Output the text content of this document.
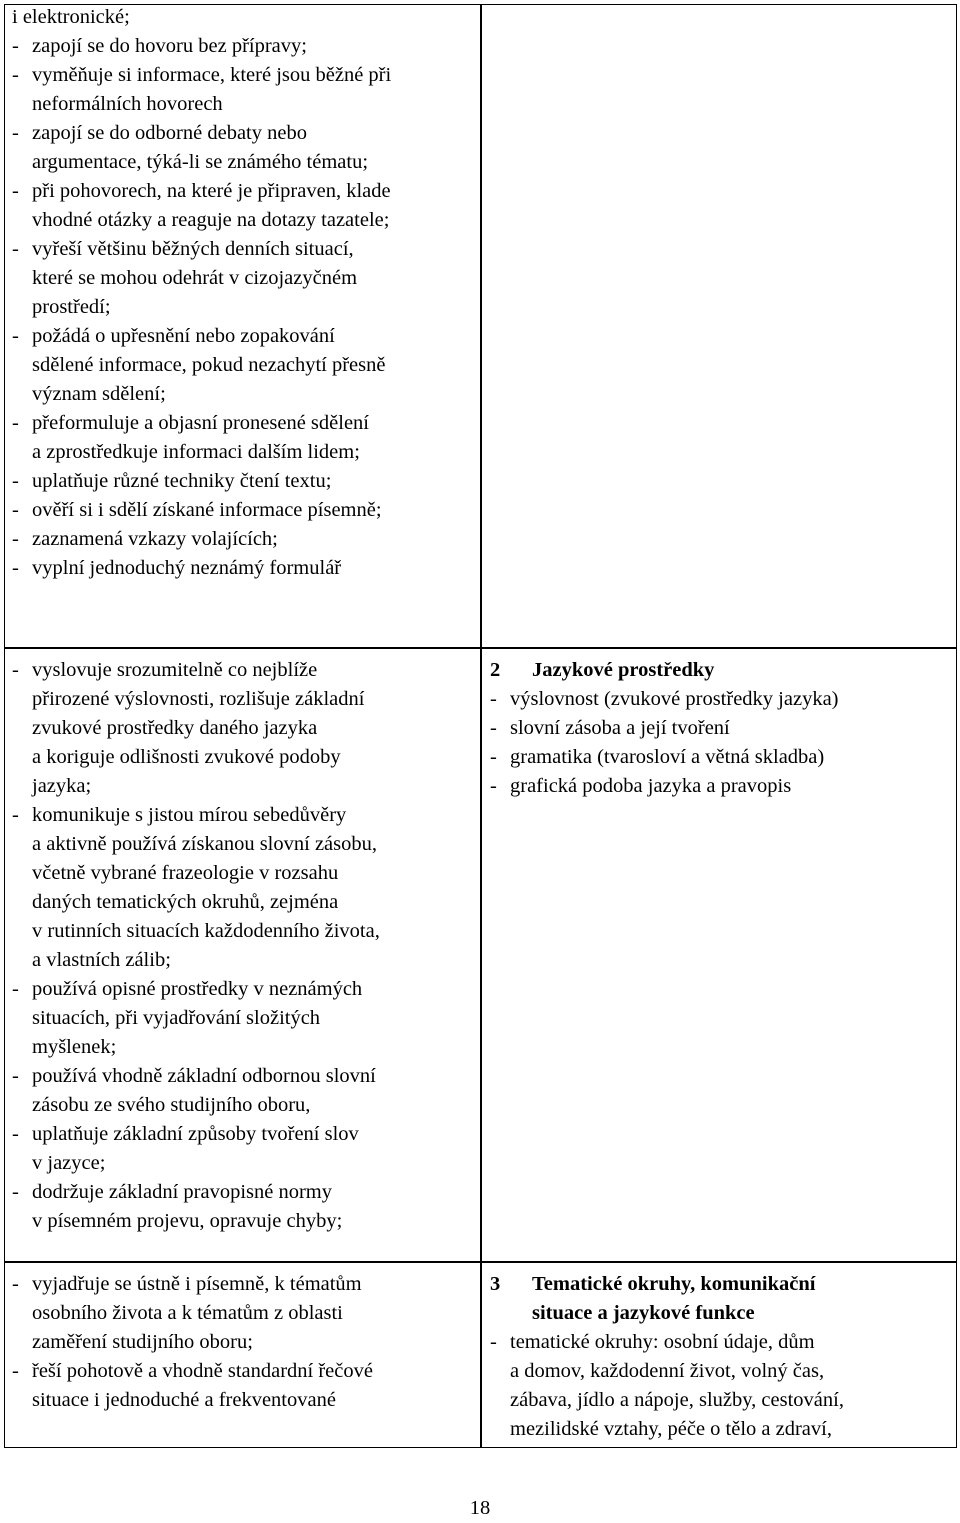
i elektronické;
- zapojí se do hovoru bez přípravy;
- vyměňuje si informace, které jsou běžné při
neformálních hovorech
- zapojí se do odborné debaty nebo
argumentace, týká-li se známého tématu;
- při pohovorech, na které je připraven, klade
vhodné otázky a reaguje na dotazy tazatele;
- vyřeší většinu běžných denních situací,
které se mohou odehrát v cizojazyčném
prostředí;
- požádá o upřesnění nebo zopakování
sdělené informace, pokud nezachytí přesně
význam sdělení;
- přeformuluje a objasní pronesené sdělení
a zprostředkuje informaci dalším lidem;
- uplatňuje různé techniky čtení textu;
- ověří si i sdělí získané informace písemně;
- zaznamená vzkazy volajících;
- vyplní jednoduchý neznámý formulář
- vyslovuje srozumitelně co nejblíže
přirozené výslovnosti, rozlišuje základní
zvukové prostředky daného jazyka
a koriguje odlišnosti zvukové podoby
jazyka;
- komunikuje s jistou mírou sebedůvěry
a aktivně používá získanou slovní zásobu,
včetně vybrané frazeologie v rozsahu
daných tematických okruhů, zejména
v rutinních situacích každodenního života,
a vlastních zálib;
- používá opisné prostředky v neznámých
situacích, při vyjadřování složitých
myšlenek;
- používá vhodně základní odbornou slovní
zásobu ze svého studijního oboru,
- uplatňuje základní způsoby tvoření slov
v jazyce;
- dodržuje základní pravopisné normy
v písemném projevu, opravuje chyby;
2 Jazykové prostředky
- výslovnost (zvukové prostředky jazyka)
- slovní zásoba a její tvoření
- gramatika (tvarosloví a větná skladba)
- grafická podoba jazyka a pravopis
- vyjadřuje se ústně i písemně, k tématům
osobního života a k tématům z oblasti
zaměření studijního oboru;
- řeší pohotově a vhodně standardní řečové
situace i jednoduché a frekventované
3 Tematické okruhy, komunikační
situace a jazykové funkce
- tematické okruhy: osobní údaje, dům
a domov, každodenní život, volný čas,
zábava, jídlo a nápoje, služby, cestování,
mezilidské vztahy, péče o tělo a zdraví,
18
